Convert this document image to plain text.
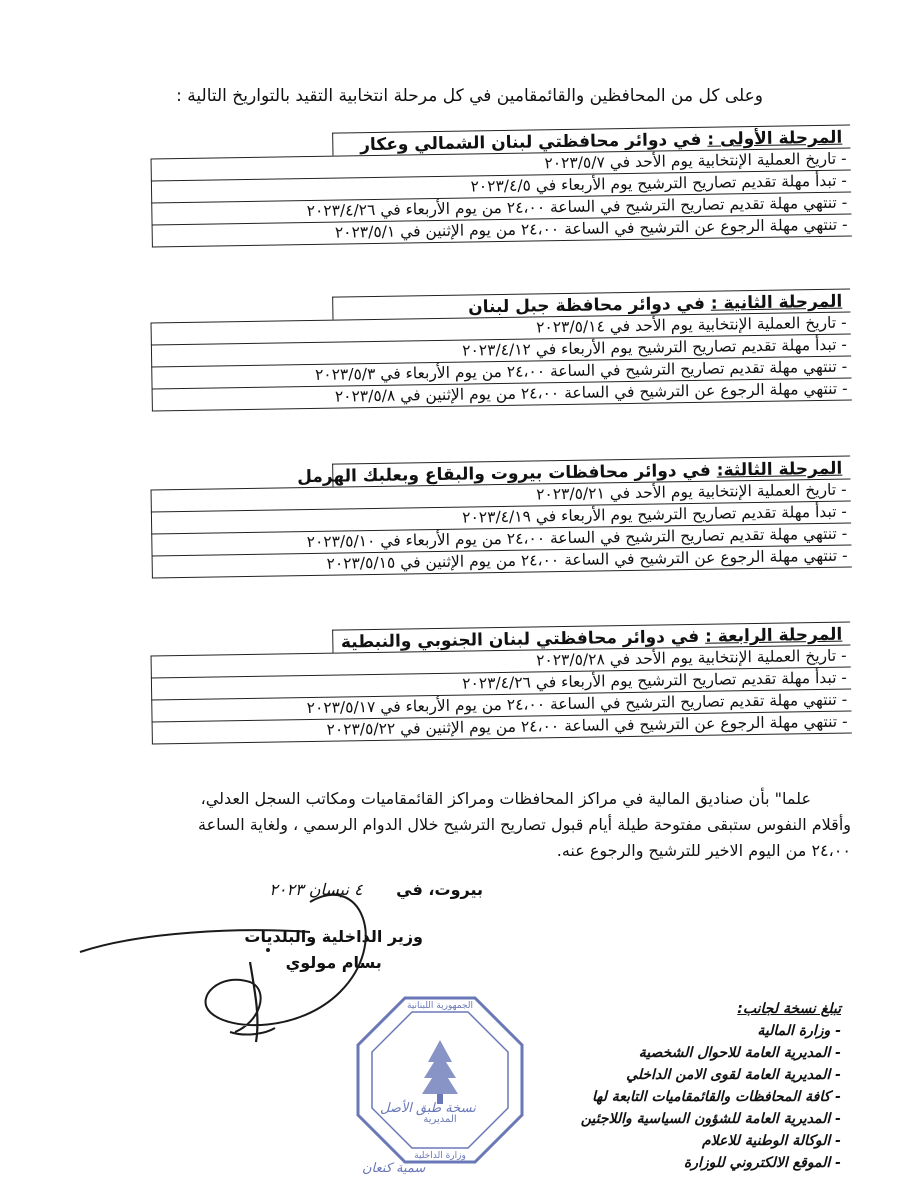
وعلى كل من المحافظين والقائمقامين في كل مرحلة انتخابية التقيد بالتواريخ التالية :
المرحلة الأولى : في دوائر محافظتي لبنان الشمالي وعكار
- تاريخ العملية الإنتخابية يوم الأحد في ٢٠٢٣/٥/٧
- تبدأ مهلة تقديم تصاريح الترشيح يوم الأربعاء في ٢٠٢٣/٤/٥
- تنتهي مهلة تقديم تصاريح الترشيح في الساعة ٢٤،٠٠ من يوم الأربعاء في ٢٠٢٣/٤/٢٦
- تنتهي مهلة الرجوع عن الترشيح في الساعة ٢٤،٠٠ من يوم الإثنين في ٢٠٢٣/٥/١
المرحلة الثانية : في دوائر محافظة جبل لبنان
- تاريخ العملية الإنتخابية يوم الأحد في ٢٠٢٣/٥/١٤
- تبدأ مهلة تقديم تصاريح الترشيح يوم الأربعاء في ٢٠٢٣/٤/١٢
- تنتهي مهلة تقديم تصاريح الترشيح في الساعة ٢٤،٠٠ من يوم الأربعاء في ٢٠٢٣/٥/٣
- تنتهي مهلة الرجوع عن الترشيح في الساعة ٢٤،٠٠ من يوم الإثنين في ٢٠٢٣/٥/٨
المرحلة الثالثة: في دوائر محافظات بيروت والبقاع وبعلبك الهرمل
- تاريخ العملية الإنتخابية يوم الأحد في ٢٠٢٣/٥/٢١
- تبدأ مهلة تقديم تصاريح الترشيح يوم الأربعاء في ٢٠٢٣/٤/١٩
- تنتهي مهلة تقديم تصاريح الترشيح في الساعة ٢٤،٠٠ من يوم الأربعاء في ٢٠٢٣/٥/١٠
- تنتهي مهلة الرجوع عن الترشيح في الساعة ٢٤،٠٠ من يوم الإثنين في ٢٠٢٣/٥/١٥
المرحلة الرابعة : في دوائر محافظتي لبنان الجنوبي والنبطية
- تاريخ العملية الإنتخابية يوم الأحد في ٢٠٢٣/٥/٢٨
- تبدأ مهلة تقديم تصاريح الترشيح يوم الأربعاء في ٢٠٢٣/٤/٢٦
- تنتهي مهلة تقديم تصاريح الترشيح في الساعة ٢٤،٠٠ من يوم الأربعاء في ٢٠٢٣/٥/١٧
- تنتهي مهلة الرجوع عن الترشيح في الساعة ٢٤،٠٠ من يوم الإثنين في ٢٠٢٣/٥/٢٢

علما" بأن صناديق المالية في مراكز المحافظات ومراكز القائمقاميات ومكاتب السجل العدلي،

وأقلام النفوس ستبقى مفتوحة طيلة أيام قبول تصاريح الترشيح خلال الدوام الرسمي ، ولغاية الساعة

٢٤،٠٠ من اليوم الاخير للترشيح والرجوع عنه.

بيروت، في ٤ نيسان ٢٠٢٣
وزير الداخلية والبلديات
بسام مولوي
تبلغ نسخة لجانب:
- وزارة المالية
- المديرية العامة للاحوال الشخصية
- المديرية العامة لقوى الامن الداخلي
- كافة المحافظات والقائمقاميات التابعة لها
- المديرية العامة للشؤون السياسية واللاجئين
- الوكالة الوطنية للاعلام
- الموقع الالكتروني للوزارة
الجمهورية اللبنانية
المديرية
وزارة الداخلية
نسخة طبق الأصل
سمية كنعان
